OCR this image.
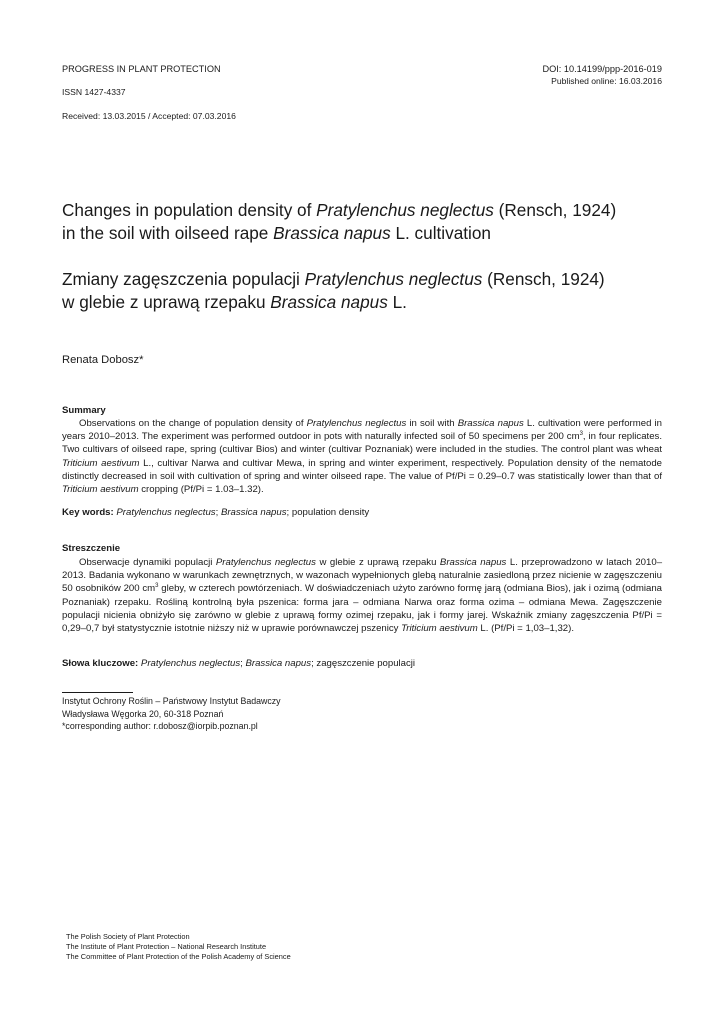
PROGRESS IN PLANT PROTECTION
ISSN 1427-4337
Received: 13.03.2015 / Accepted: 07.03.2016
DOI: 10.14199/ppp-2016-019
Published online: 16.03.2016

Changes in population density of Pratylenchus neglectus (Rensch, 1924)

in the soil with oilseed rape Brassica napus L. cultivation

Zmiany zagęszczenia populacji Pratylenchus neglectus (Rensch, 1924)

w glebie z uprawą rzepaku Brassica napus L.

Renata Dobosz*
Summary

Observations on the change of population density of Pratylenchus neglectus in soil with Brassica napus L. cultivation were performed in years 2010–2013. The experiment was performed outdoor in pots with naturally infected soil of 50 specimens per 200 $cm^3$, in four replicates. Two cultivars of oilseed rape, spring (cultivar Bios) and winter (cultivar Poznaniak) were included in the studies. The control plant was wheat Triticium aestivum L., cultivar Narwa and cultivar Mewa, in spring and winter experiment, respectively. Population density of the nematode distinctly decreased in soil with cultivation of spring and winter oilseed rape. The value of Pf/Pi = 0.29–0.7 was statistically lower than that of Triticium aestivum cropping (Pf/Pi = 1.03–1.32).

Key words: Pratylenchus neglectus; Brassica napus; population density
Streszczenie

Obserwacje dynamiki populacji Pratylenchus neglectus w glebie z uprawą rzepaku Brassica napus L. przeprowadzono w latach 2010–2013. Badania wykonano w warunkach zewnętrznych, w wazonach wypełnionych glebą naturalnie zasiedloną przez nicienie w zagęszczeniu 50 osobników 200 $cm^3$ gleby, w czterech powtórzeniach. W doświadczeniach użyto zarówno formę jarą (odmiana Bios), jak i ozimą (odmiana Poznaniak) rzepaku. Rośliną kontrolną była pszenica: forma jara – odmiana Narwa oraz forma ozima – odmiana Mewa. Zagęszczenie populacji nicienia obniżyło się zarówno w glebie z uprawą formy ozimej rzepaku, jak i formy jarej. Wskaźnik zmiany zagęszczenia Pf/Pi = 0,29–0,7 był statystycznie istotnie niższy niż w uprawie porównawczej pszenicy Triticium aestivum L. (Pf/Pi = 1,03–1,32).

Słowa kluczowe: Pratylenchus neglectus; Brassica napus; zagęszczenie populacji
Instytut Ochrony Roślin – Państwowy Instytut Badawczy
Władysława Węgorka 20, 60-318 Poznań
*corresponding author: r.dobosz@iorpib.poznan.pl
The Polish Society of Plant Protection
The Institute of Plant Protection – National Research Institute
The Committee of Plant Protection of the Polish Academy of Science
